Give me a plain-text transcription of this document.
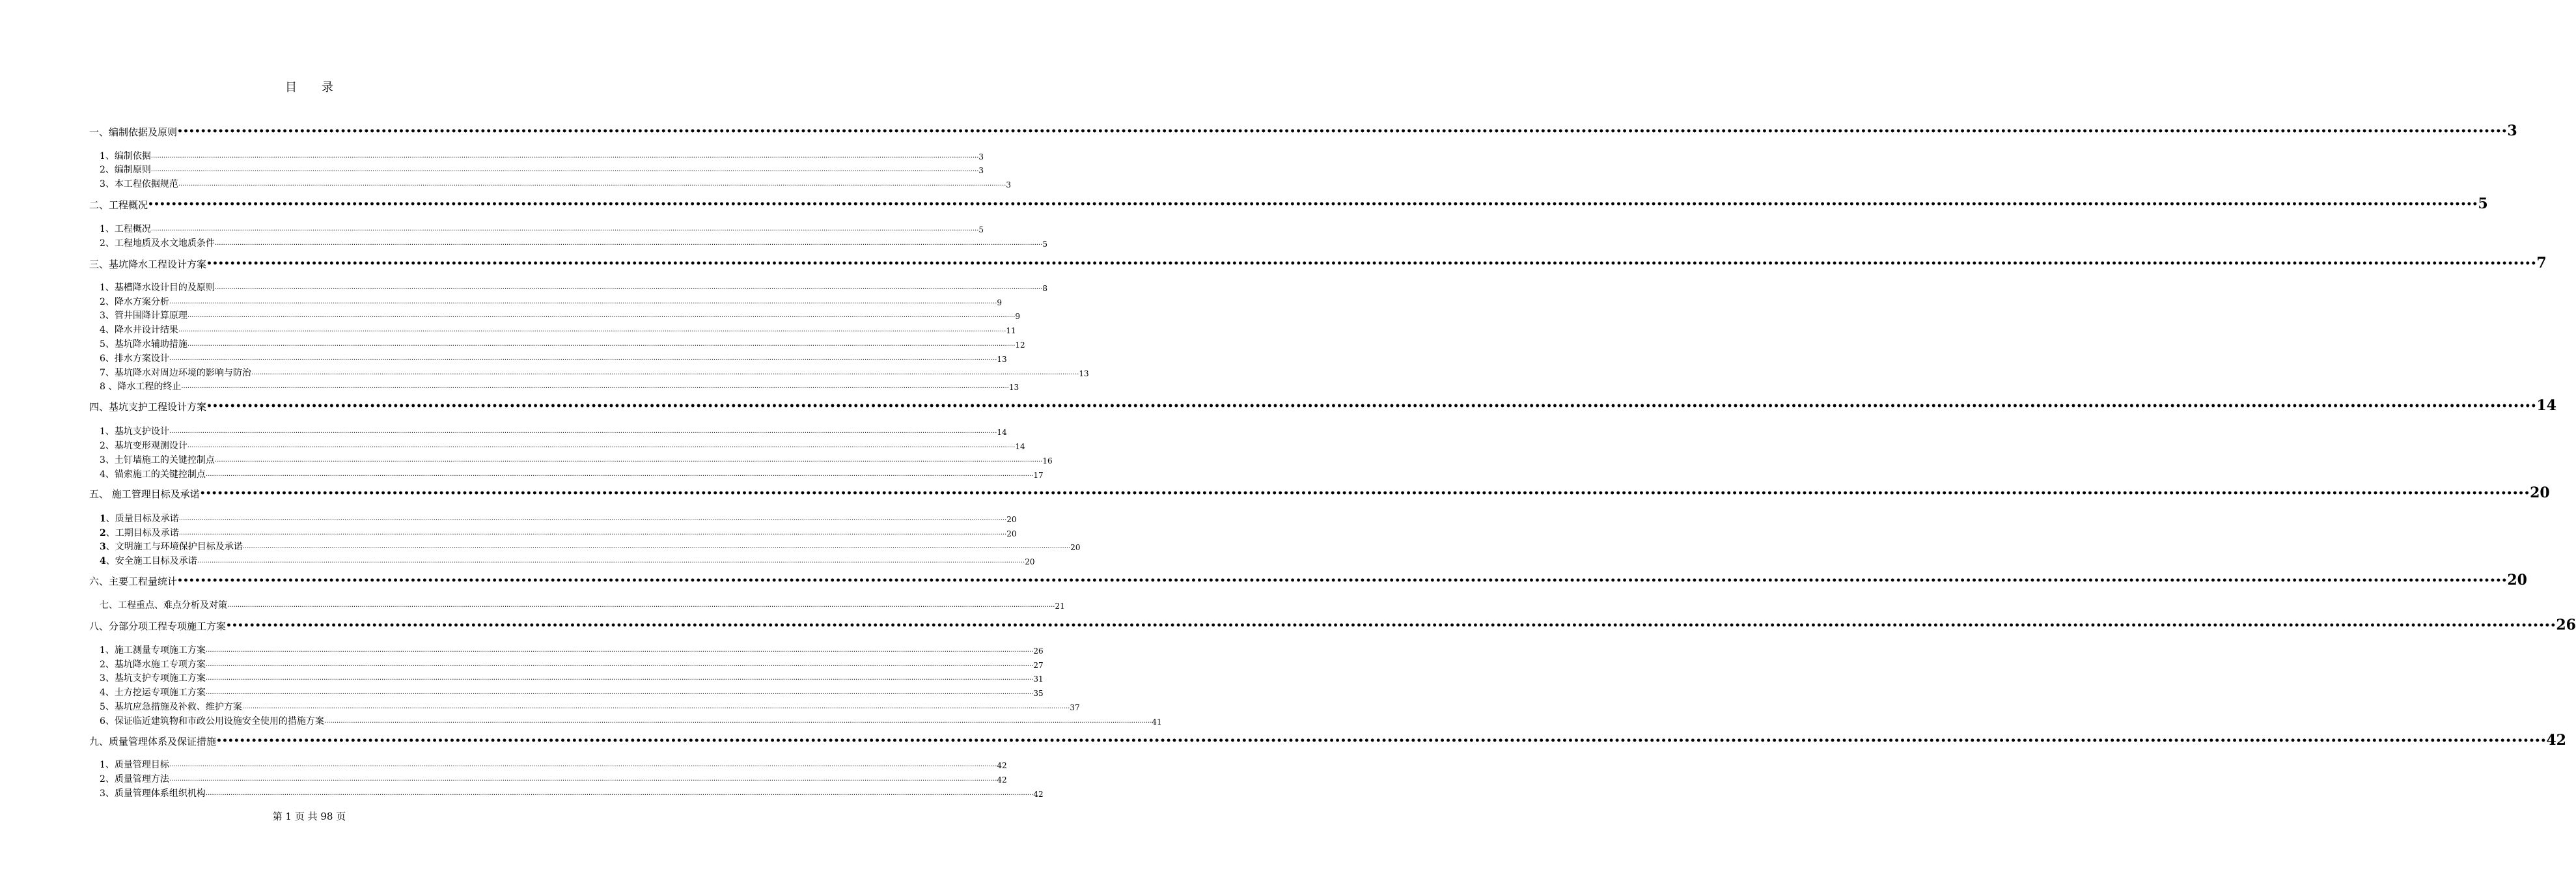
目 录
一、编制依据及原则 •••••••••••••••••••••••••••••••••••••••••••••••••••••••••••••••••••••••••••••••••••••••••••••••••••••••••••••••••••••••••••••••••••••••••••••••••••••••••••••••••••••••••••••••••••••••••••••••••••••••••••••••••••••••••••••••••••••••••••••••••••••••••••••••••••••••••••••••••••••••••••••••••••••••••••••••••••••••••••••••••••••••••••••••••••••••••••••••••••••••••••••••••••••••••••••••••••••••••••••••• 3
1、编制依据 ................................................................................................................................................................................................................................................................................................................................................................................................................ 3
2、编制原则 ................................................................................................................................................................................................................................................................................................................................................................................................................ 3
3、本工程依据规范 ................................................................................................................................................................................................................................................................................................................................................................................................................ 3
二、工程概况 •••••••••••••••••••••••••••••••••••••••••••••••••••••••••••••••••••••••••••••••••••••••••••••••••••••••••••••••••••••••••••••••••••••••••••••••••••••••••••••••••••••••••••••••••••••••••••••••••••••••••••••••••••••••••••••••••••••••••••••••••••••••••••••••••••••••••••••••••••••••••••••••••••••••••••••••••••••••••••••••••••••••••••••••••••••••••••••••••••••••••••••••••••••••••••••••••••••••••••••••• 5
1、工程概况 ................................................................................................................................................................................................................................................................................................................................................................................................................ 5
2、工程地质及水文地质条件 ................................................................................................................................................................................................................................................................................................................................................................................................................ 5
三、基坑降水工程设计方案 •••••••••••••••••••••••••••••••••••••••••••••••••••••••••••••••••••••••••••••••••••••••••••••••••••••••••••••••••••••••••••••••••••••••••••••••••••••••••••••••••••••••••••••••••••••••••••••••••••••••••••••••••••••••••••••••••••••••••••••••••••••••••••••••••••••••••••••••••••••••••••••••••••••••••••••••••••••••••••••••••••••••••••••••••••••••••••••••••••••••••••••••••••••••••••••••••••••••••••••••• 7
1、基槽降水设计目的及原则 ................................................................................................................................................................................................................................................................................................................................................................................................................ 8
2、降水方案分析 ................................................................................................................................................................................................................................................................................................................................................................................................................ 9
3、管井围降计算原理 ................................................................................................................................................................................................................................................................................................................................................................................................................ 9
4、降水井设计结果 ................................................................................................................................................................................................................................................................................................................................................................................................................ 11
5、基坑降水辅助措施 ................................................................................................................................................................................................................................................................................................................................................................................................................ 12
6、排水方案设计 ................................................................................................................................................................................................................................................................................................................................................................................................................ 13
7、基坑降水对周边环境的影响与防治 ................................................................................................................................................................................................................................................................................................................................................................................................................ 13
8 、降水工程的终止 ................................................................................................................................................................................................................................................................................................................................................................................................................ 13
四、基坑支护工程设计方案 •••••••••••••••••••••••••••••••••••••••••••••••••••••••••••••••••••••••••••••••••••••••••••••••••••••••••••••••••••••••••••••••••••••••••••••••••••••••••••••••••••••••••••••••••••••••••••••••••••••••••••••••••••••••••••••••••••••••••••••••••••••••••••••••••••••••••••••••••••••••••••••••••••••••••••••••••••••••••••••••••••••••••••••••••••••••••••••••••••••••••••••••••••••••••••••••••••••••••••••••• 14
1、基坑支护设计 ................................................................................................................................................................................................................................................................................................................................................................................................................ 14
2、基坑变形观测设计 ................................................................................................................................................................................................................................................................................................................................................................................................................ 14
3、土钉墙施工的关键控制点 ................................................................................................................................................................................................................................................................................................................................................................................................................ 16
4、锚索施工的关键控制点 ................................................................................................................................................................................................................................................................................................................................................................................................................ 17
五、 施工管理目标及承诺 •••••••••••••••••••••••••••••••••••••••••••••••••••••••••••••••••••••••••••••••••••••••••••••••••••••••••••••••••••••••••••••••••••••••••••••••••••••••••••••••••••••••••••••••••••••••••••••••••••••••••••••••••••••••••••••••••••••••••••••••••••••••••••••••••••••••••••••••••••••••••••••••••••••••••••••••••••••••••••••••••••••••••••••••••••••••••••••••••••••••••••••••••••••••••••••••••••••••••••••••• 20
1、质量目标及承诺 ................................................................................................................................................................................................................................................................................................................................................................................................................ 20
2、工期目标及承诺 ................................................................................................................................................................................................................................................................................................................................................................................................................ 20
3、文明施工与环境保护目标及承诺 ................................................................................................................................................................................................................................................................................................................................................................................................................ 20
4、安全施工目标及承诺 ................................................................................................................................................................................................................................................................................................................................................................................................................ 20
六、主要工程量统计 •••••••••••••••••••••••••••••••••••••••••••••••••••••••••••••••••••••••••••••••••••••••••••••••••••••••••••••••••••••••••••••••••••••••••••••••••••••••••••••••••••••••••••••••••••••••••••••••••••••••••••••••••••••••••••••••••••••••••••••••••••••••••••••••••••••••••••••••••••••••••••••••••••••••••••••••••••••••••••••••••••••••••••••••••••••••••••••••••••••••••••••••••••••••••••••••••••••••••••••••• 20
七、工程重点、难点分析及对策 ................................................................................................................................................................................................................................................................................................................................................................................................................ 21
八、分部分项工程专项施工方案 •••••••••••••••••••••••••••••••••••••••••••••••••••••••••••••••••••••••••••••••••••••••••••••••••••••••••••••••••••••••••••••••••••••••••••••••••••••••••••••••••••••••••••••••••••••••••••••••••••••••••••••••••••••••••••••••••••••••••••••••••••••••••••••••••••••••••••••••••••••••••••••••••••••••••••••••••••••••••••••••••••••••••••••••••••••••••••••••••••••••••••••••••••••••••••••••••••••••••••••••• 26
1、施工测量专项施工方案 ................................................................................................................................................................................................................................................................................................................................................................................................................ 26
2、基坑降水施工专项方案 ................................................................................................................................................................................................................................................................................................................................................................................................................ 27
3、基坑支护专项施工方案 ................................................................................................................................................................................................................................................................................................................................................................................................................ 31
4、土方挖运专项施工方案 ................................................................................................................................................................................................................................................................................................................................................................................................................ 35
5、基坑应急措施及补救、维护方案 ................................................................................................................................................................................................................................................................................................................................................................................................................ 37
6、保证临近建筑物和市政公用设施安全使用的措施方案 ................................................................................................................................................................................................................................................................................................................................................................................................................ 41
九、质量管理体系及保证措施 •••••••••••••••••••••••••••••••••••••••••••••••••••••••••••••••••••••••••••••••••••••••••••••••••••••••••••••••••••••••••••••••••••••••••••••••••••••••••••••••••••••••••••••••••••••••••••••••••••••••••••••••••••••••••••••••••••••••••••••••••••••••••••••••••••••••••••••••••••••••••••••••••••••••••••••••••••••••••••••••••••••••••••••••••••••••••••••••••••••••••••••••••••••••••••••••••••••••••••••••• 42
1、质量管理目标 ................................................................................................................................................................................................................................................................................................................................................................................................................ 42
2、质量管理方法 ................................................................................................................................................................................................................................................................................................................................................................................................................ 42
3、质量管理体系组织机构 ................................................................................................................................................................................................................................................................................................................................................................................................................ 42
第 1 页 共 98 页
